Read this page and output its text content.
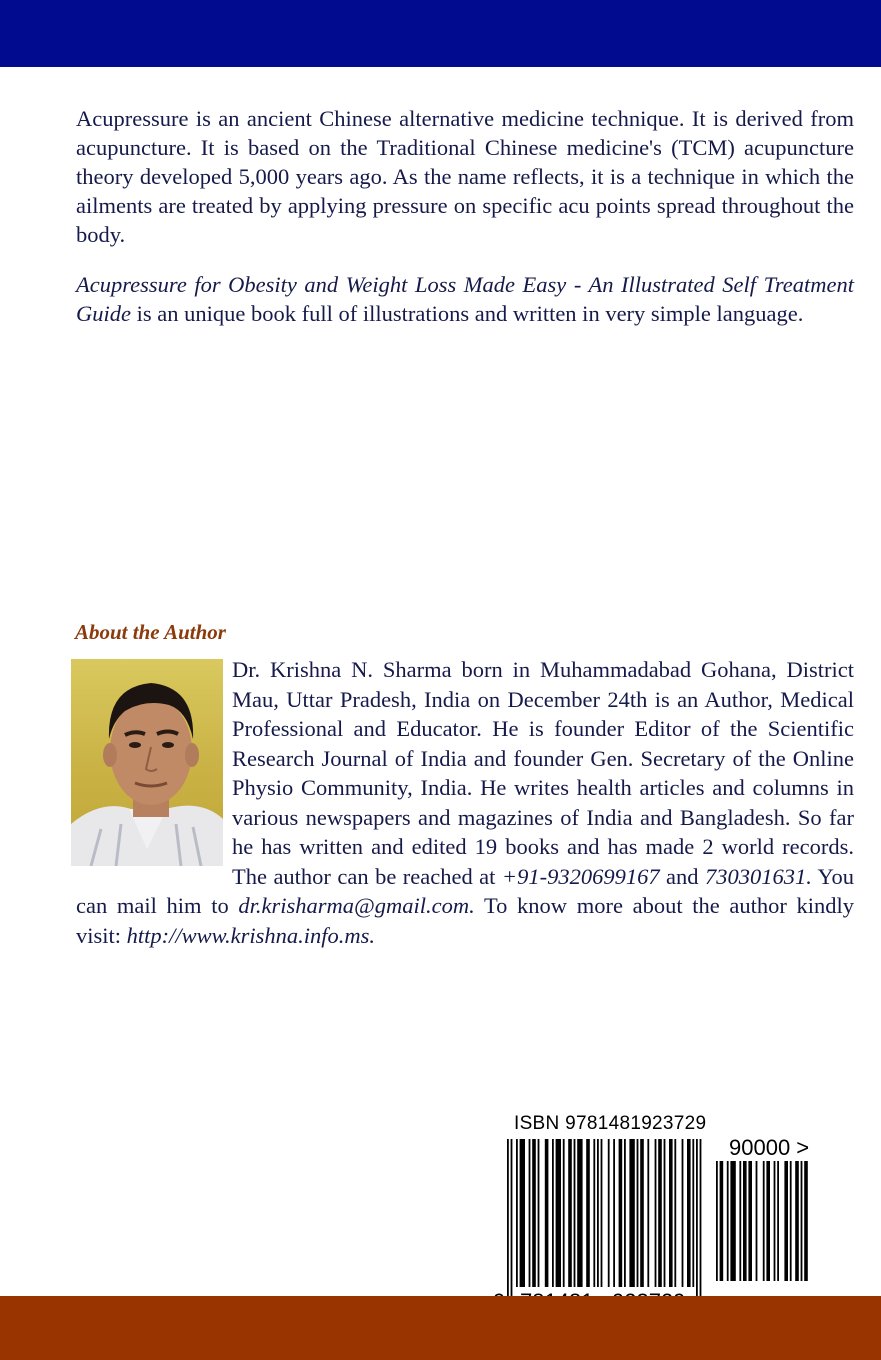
Acupressure is an ancient Chinese alternative medicine technique. It is derived from acupuncture. It is based on the Traditional Chinese medicine's (TCM) acupuncture theory developed 5,000 years ago. As the name reflects, it is a technique in which the ailments are treated by applying pressure on specific acu points spread throughout the body.

Acupressure for Obesity and Weight Loss Made Easy - An Illustrated Self Treatment Guide is an unique book full of illustrations and written in very simple language.

About the Author

Dr. Krishna N. Sharma born in Muhammadabad Gohana, District Mau, Uttar Pradesh, India on December 24th is an Author, Medical Professional and Educator. He is founder Editor of the Scientific Research Journal of India and founder Gen. Secretary of the Online Physio Community, India. He writes health articles and columns in various newspapers and magazines of India and Bangladesh. So far he has written and edited 19 books and has made 2 world records. The author can be reached at +91-9320699167 and 730301631. You can mail him to dr.krisharma@gmail.com. To know more about the author kindly visit: http://www.krishna.info.ms.

ISBN 9781481923729
90000 >
